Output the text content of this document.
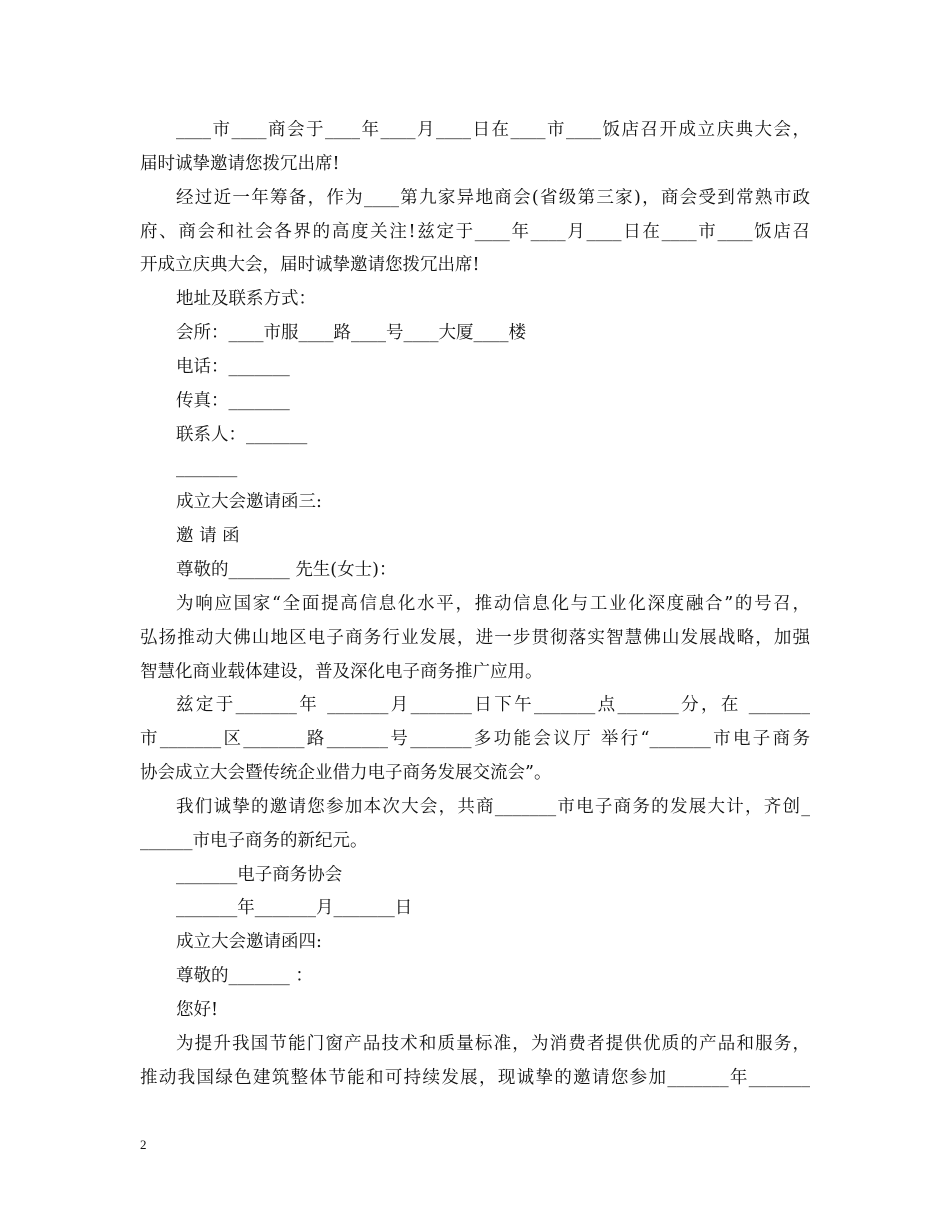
____市____商会于____年____月____日在____市____饭店召开成立庆典大会，
届时诚挚邀请您拨冗出席!
经过近一年筹备，作为____第九家异地商会(省级第三家)，商会受到常熟市政
府、商会和社会各界的高度关注!兹定于____年____月____日在____市____饭店召
开成立庆典大会，届时诚挚邀请您拨冗出席!
地址及联系方式：
会所：____市服____路____号____大厦____楼
电话：_______
传真：_______
联系人：_______
_______
成立大会邀请函三:
邀 请 函
尊敬的_______ 先生(女士)：
为响应国家“全面提高信息化水平，推动信息化与工业化深度融合”的号召，
弘扬推动大佛山地区电子商务行业发展，进一步贯彻落实智慧佛山发展战略，加强
智慧化商业载体建设，普及深化电子商务推广应用。
兹定于_______年 _______月_______日下午_______点_______分，在 _______
市_______区_______路_______号_______多功能会议厅 举行“_______市电子商务
协会成立大会暨传统企业借力电子商务发展交流会”。
我们诚挚的邀请您参加本次大会，共商_______市电子商务的发展大计，齐创_
______市电子商务的新纪元。
_______电子商务协会
_______年_______月_______日
成立大会邀请函四:
尊敬的_______ ：
您好!
为提升我国节能门窗产品技术和质量标准，为消费者提供优质的产品和服务，
推动我国绿色建筑整体节能和可持续发展，现诚挚的邀请您参加_______年_______
2
